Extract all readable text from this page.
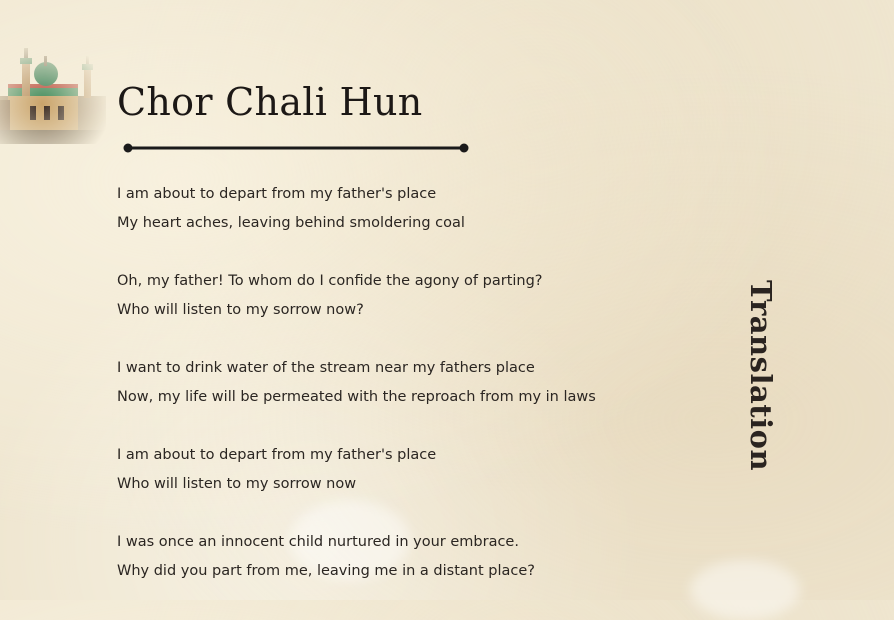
Chor Chali Hun
I am about to depart from my father's place
My heart aches, leaving behind smoldering coal
Oh, my father! To whom do I confide the agony of parting?
Who will listen to my sorrow now?
I want to drink water of the stream near my fathers place
Now, my life will be permeated with the reproach from my in laws
I am about to depart from my father's place
Who will listen to my sorrow now
I was once an innocent child nurtured in your embrace.
Why did you part from me, leaving me in a distant place?
Translation
